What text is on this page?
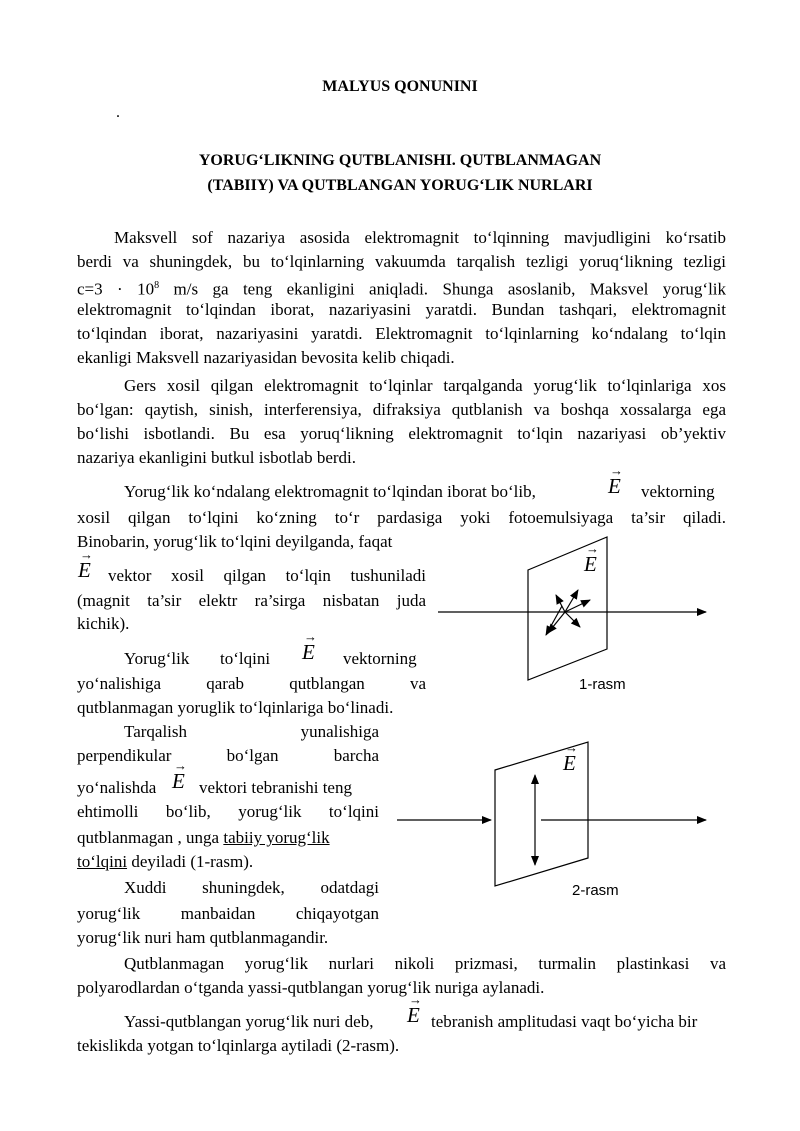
MALYUS QONUNINI
.
YORUG‘LIKNING QUTBLANISHI. QUTBLANMAGAN
(TABIIY) VA QUTBLANGAN YORUG‘LIK NURLARI
Maksvell sof nazariya asosida elektromagnit to‘lqinning mavjudligini ko‘rsatib
berdi va shuningdek, bu to‘lqinlarning vakuumda tarqalish tezligi yoruq‘likning tezligi
$c=3 \cdot 10^8$ m/s ga teng ekanligini aniqladi. Shunga asoslanib, Maksvel yorug‘lik
elektromagnit to‘lqindan iborat, nazariyasini yaratdi. Bundan tashqari, elektromagnit
to‘lqindan iborat, nazariyasini yaratdi. Elektromagnit to‘lqinlarning ko‘ndalang to‘lqin
ekanligi Maksvell nazariyasidan bevosita kelib chiqadi.
Gers xosil qilgan elektromagnit to‘lqinlar tarqalganda yorug‘lik to‘lqinlariga xos
bo‘lgan: qaytish, sinish, interferensiya, difraksiya qutblanish va boshqa xossalarga ega
bo‘lishi isbotlandi. Bu esa yoruq‘likning elektromagnit to‘lqin nazariyasi ob’yektiv
nazariya ekanligini butkul isbotlab berdi.
Yorug‘lik ko‘ndalang elektromagnit to‘lqindan iborat bo‘lib,	→ E vektorning
xosil qilgan to‘lqini ko‘zning to‘r pardasiga yoki fotoemulsiyaga ta’sir qiladi.
Binobarin, yorug‘lik to‘lqini deyilganda, faqat
→ E vektor xosil qilgan to‘lqin tushuniladi
(magnit ta’sir elektr ra’sirga nisbatan juda
kichik).
Yorug‘lik to‘lqini → E vektorning
yo‘nalishiga qarab qutblangan va
qutblanmagan yoruglik to‘lqinlariga bo‘linadi.
Tarqalish yunalishiga
perpendikular bo‘lgan barcha
yo‘nalishda → E vektori tebranishi teng
ehtimolli bo‘lib, yorug‘lik to‘lqini
qutblanmagan , unga tabiiy yorug‘lik
to‘lqini deyiladi (1-rasm).
Xuddi shuningdek, odatdagi
yorug‘lik manbaidan chiqayotgan
yorug‘lik nuri ham qutblanmagandir.
Qutblanmagan yorug‘lik nurlari nikoli prizmasi, turmalin plastinkasi va
polyarodlardan o‘tganda yassi-qutblangan yorug‘lik nuriga aylanadi.
Yassi-qutblangan yorug‘lik nuri deb, → E tebranish amplitudasi vaqt bo‘yicha bir
tekislikda yotgan to‘lqinlarga aytiladi (2-rasm).
→ E
1-rasm
→ E
2-rasm
